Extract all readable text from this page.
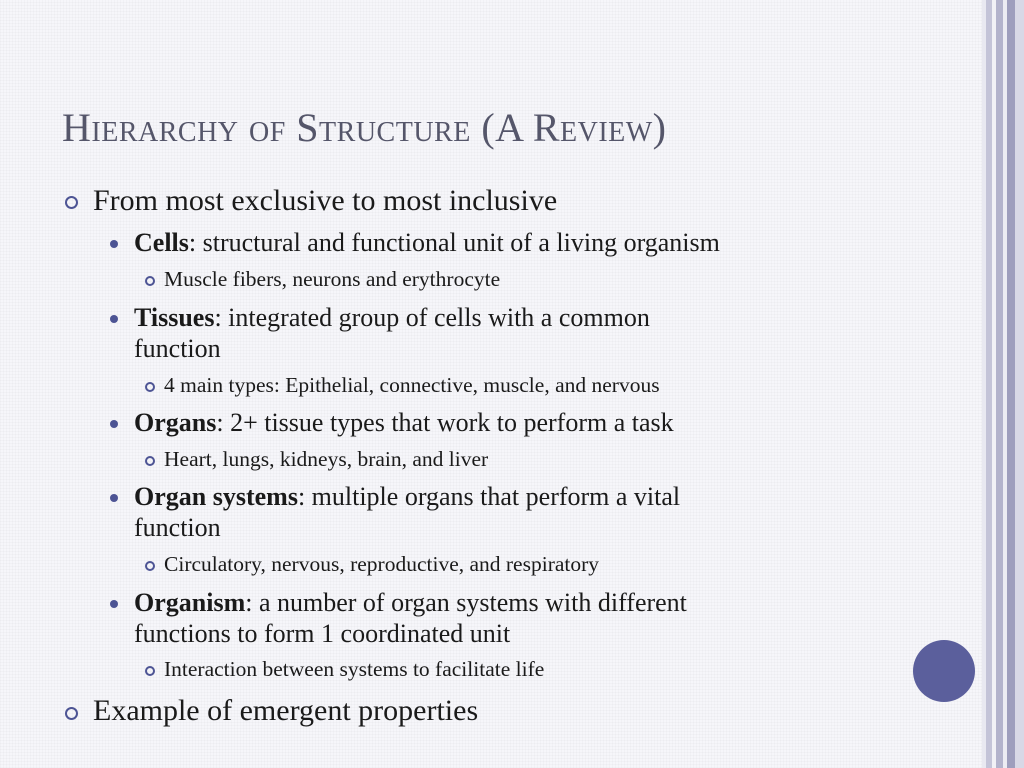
Hierarchy of Structure (A Review)
From most exclusive to most inclusive
Cells: structural and functional unit of a living organism
Muscle fibers, neurons and erythrocyte
Tissues: integrated group of cells with a common
function
4 main types: Epithelial, connective, muscle, and nervous
Organs: 2+ tissue types that work to perform a task
Heart, lungs, kidneys, brain, and liver
Organ systems: multiple organs that perform a vital
function
Circulatory, nervous, reproductive, and respiratory
Organism: a number of organ systems with different
functions to form 1 coordinated unit
Interaction between systems to facilitate life
Example of emergent properties
